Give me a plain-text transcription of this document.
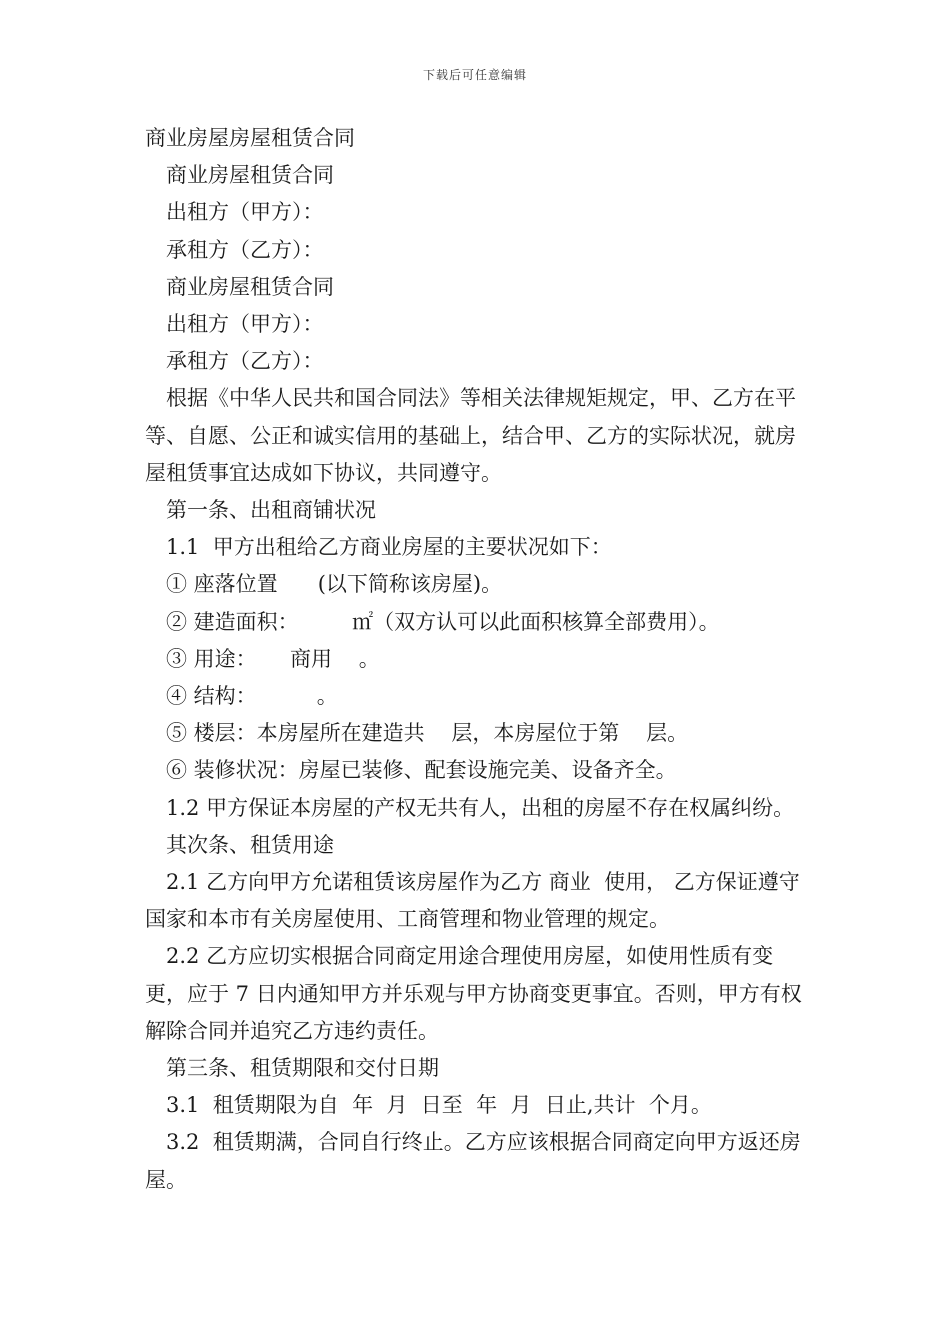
下载后可任意编辑

商业房屋房屋租赁合同

商业房屋租赁合同

出租方（甲方）：

承租方（乙方）：

商业房屋租赁合同

出租方（甲方）：

承租方（乙方）：

根据《中华人民共和国合同法》等相关法律规矩规定，甲、乙方在平等、自愿、公正和诚实信用的基础上，结合甲、乙方的实际状况，就房屋租赁事宜达成如下协议，共同遵守。

第一条、出租商铺状况

1.1  甲方出租给乙方商业房屋的主要状况如下：

① 座落位置      (以下简称该房屋)。

② 建造面积：        ㎡（双方认可以此面积核算全部费用）。

③ 用途：     商用    。

④ 结构：         。

⑤ 楼层：本房屋所在建造共    层，本房屋位于第    层。

⑥ 装修状况：房屋已装修、配套设施完美、设备齐全。

1.2 甲方保证本房屋的产权无共有人，出租的房屋不存在权属纠纷。

其次条、租赁用途

2.1 乙方向甲方允诺租赁该房屋作为乙方 商业  使用， 乙方保证遵守国家和本市有关房屋使用、工商管理和物业管理的规定。

2.2 乙方应切实根据合同商定用途合理使用房屋，如使用性质有变更，应于 7 日内通知甲方并乐观与甲方协商变更事宜。否则，甲方有权解除合同并追究乙方违约责任。

第三条、租赁期限和交付日期

3.1  租赁期限为自  年  月  日至  年  月  日止,共计  个月。

3.2  租赁期满，合同自行终止。乙方应该根据合同商定向甲方返还房屋。
